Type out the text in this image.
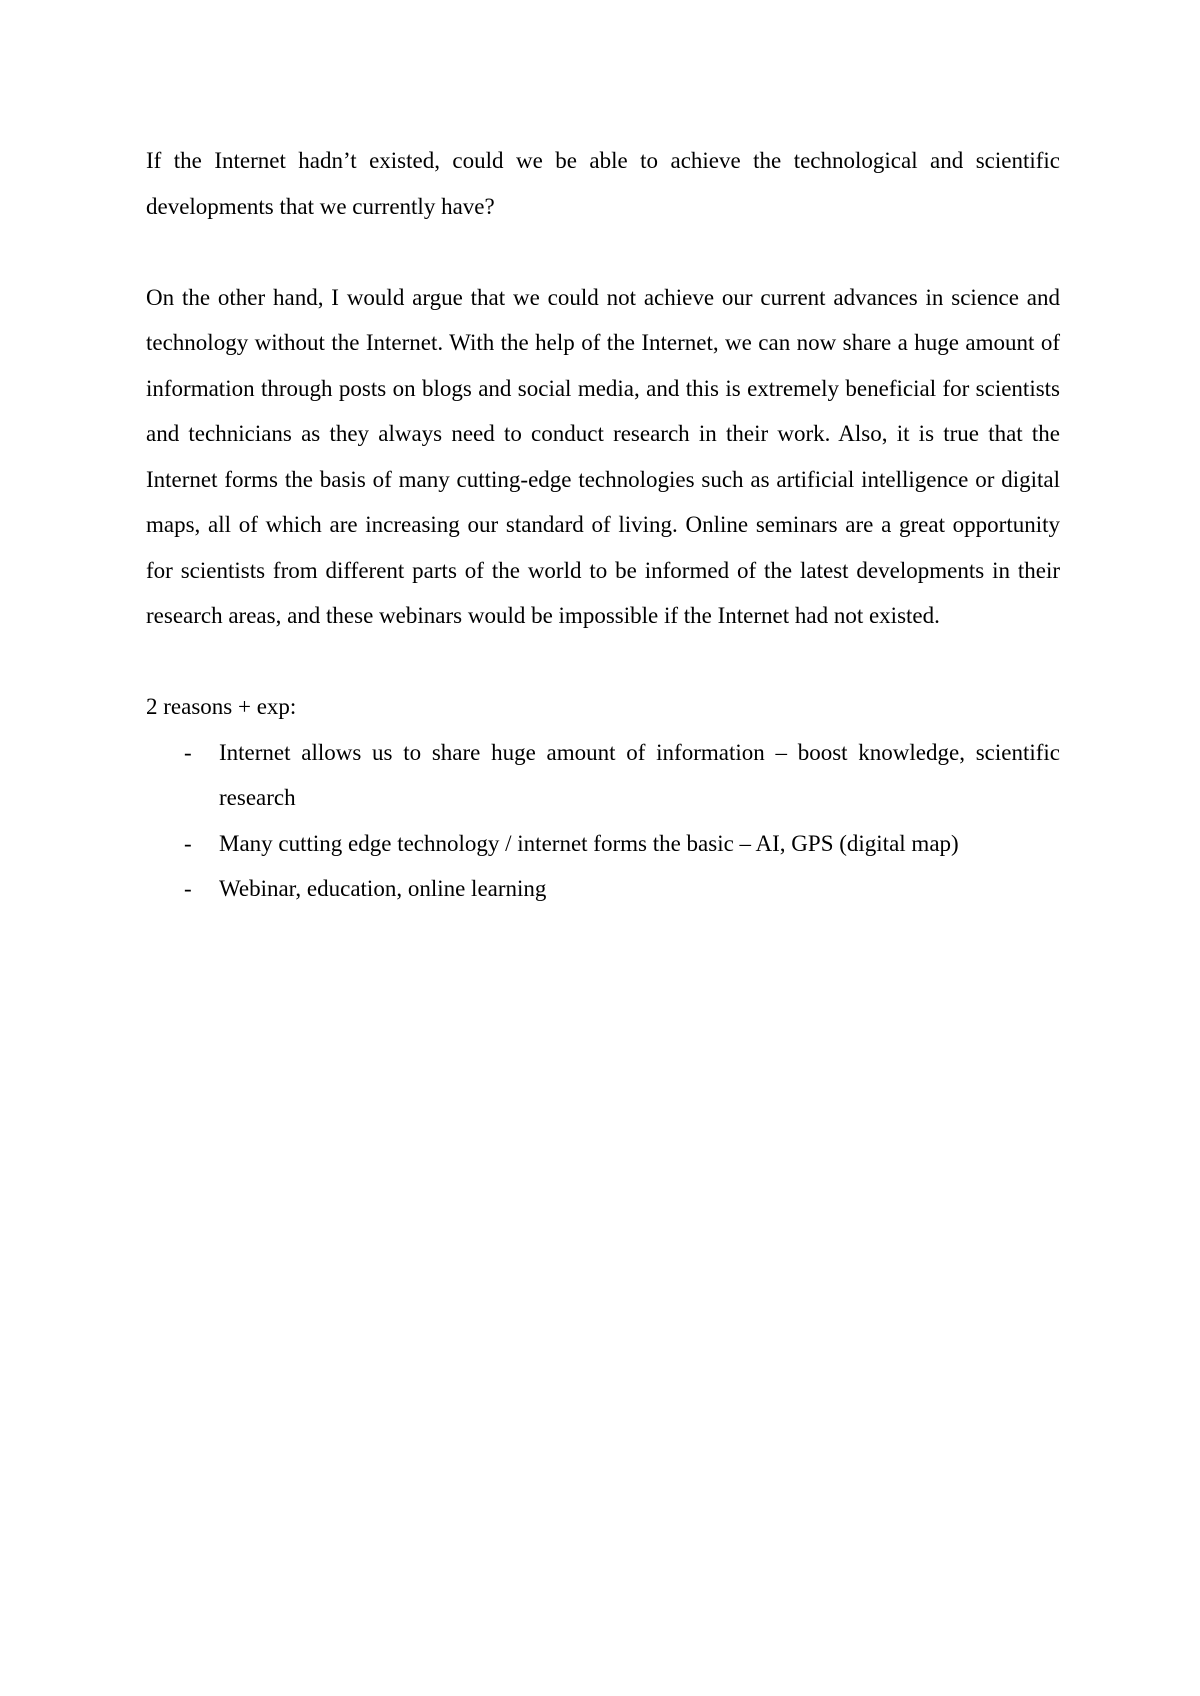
If the Internet hadn’t existed, could we be able to achieve the technological and scientific developments that we currently have?

On the other hand, I would argue that we could not achieve our current advances in science and technology without the Internet. With the help of the Internet, we can now share a huge amount of information through posts on blogs and social media, and this is extremely beneficial for scientists and technicians as they always need to conduct research in their work. Also, it is true that the Internet forms the basis of many cutting-edge technologies such as artificial intelligence or digital maps, all of which are increasing our standard of living. Online seminars are a great opportunity for scientists from different parts of the world to be informed of the latest developments in their research areas, and these webinars would be impossible if the Internet had not existed.

2 reasons + exp:

- Internet allows us to share huge amount of information – boost knowledge, scientific research
- Many cutting edge technology / internet forms the basic – AI, GPS (digital map)
- Webinar, education, online learning
